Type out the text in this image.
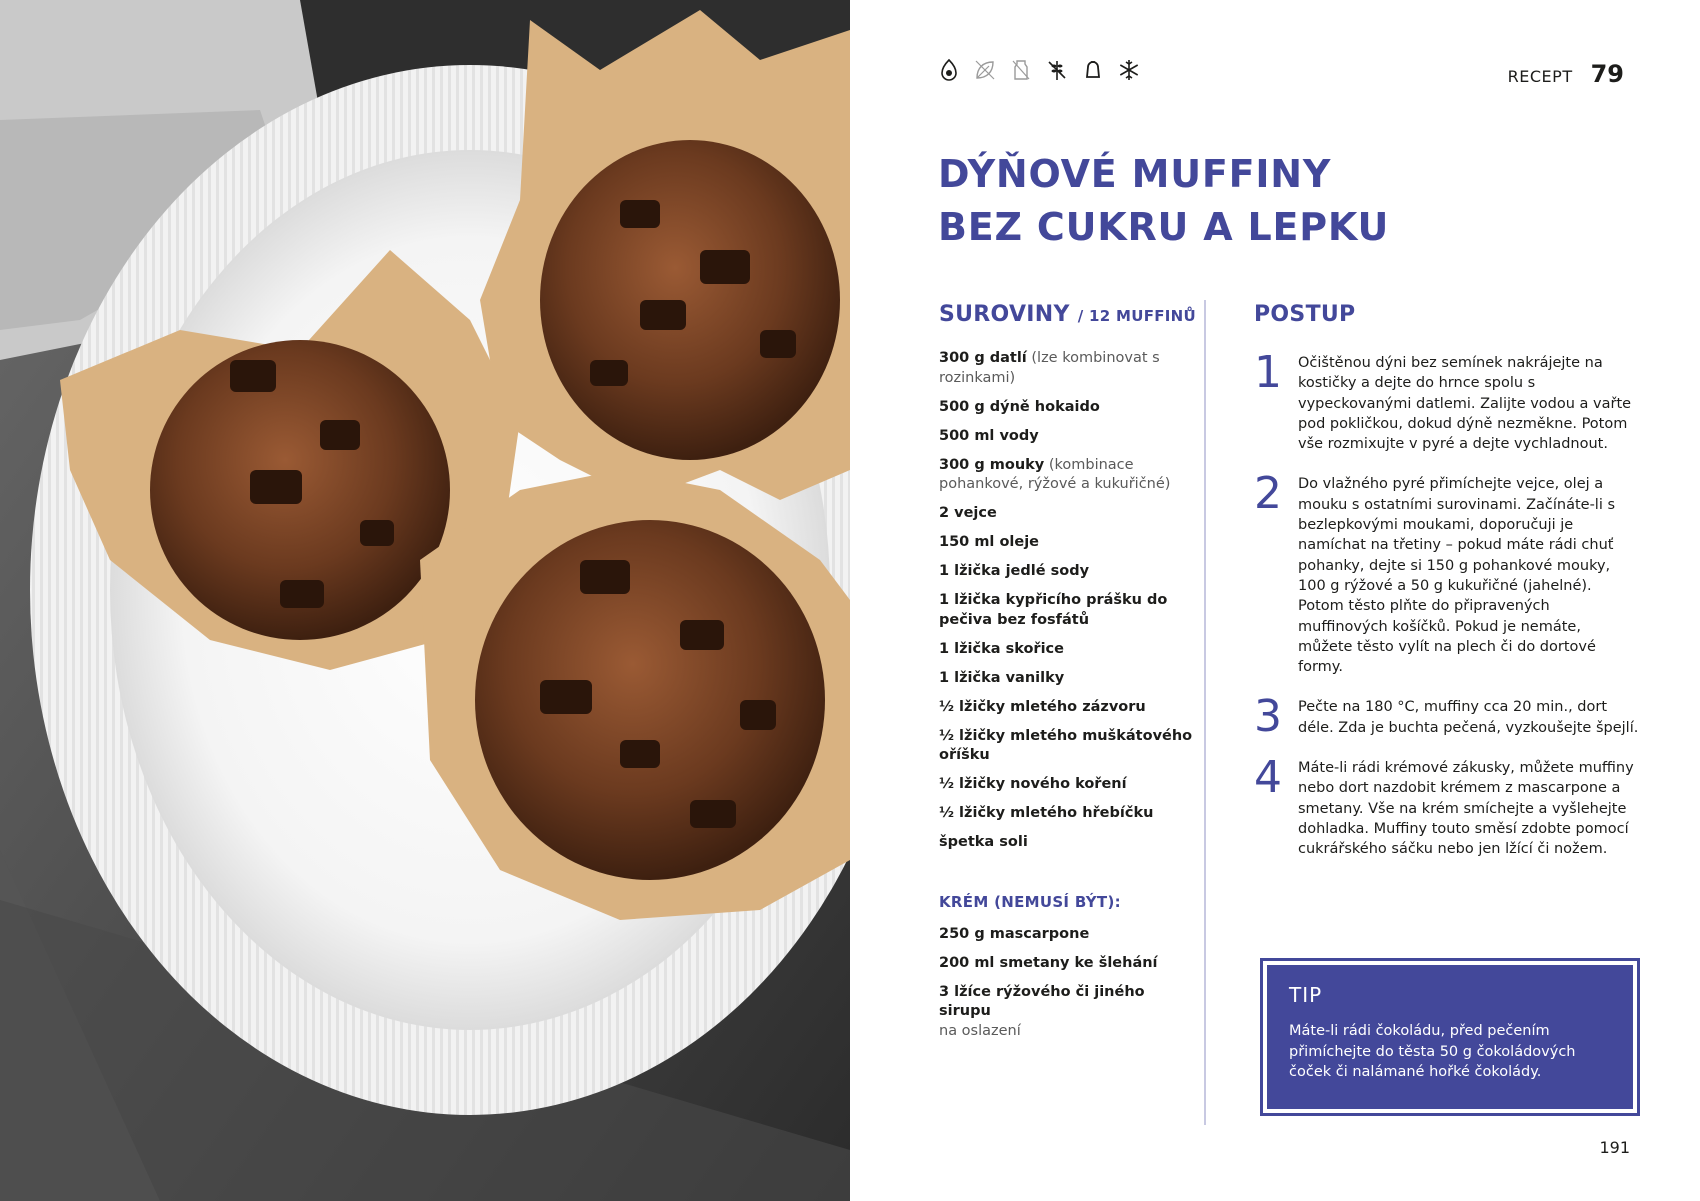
RECEPT 79
DÝŇOVÉ MUFFINY
BEZ CUKRU A LEPKU
SUROVINY / 12 MUFFINŮ
300 g datlí (lze kombinovat s rozinkami)
500 g dýně hokaido
500 ml vody
300 g mouky (kombinace pohankové, rýžové a kukuřičné)
2 vejce
150 ml oleje
1 lžička jedlé sody
1 lžička kypřicího prášku do pečiva bez fosfátů
1 lžička skořice
1 lžička vanilky
½ lžičky mletého zázvoru
½ lžičky mletého muškátového oříšku
½ lžičky nového koření
½ lžičky mletého hřebíčku
špetka soli
KRÉM (NEMUSÍ BÝT):
250 g mascarpone
200 ml smetany ke šlehání
3 lžíce rýžového či jiného sirupu
na oslazení
POSTUP
1 Očištěnou dýni bez semínek nakrájejte na kostičky a dejte do hrnce spolu s vypeckovanými datlemi. Zalijte vodou a vařte pod pokličkou, dokud dýně nezměkne. Potom vše rozmixujte v pyré a dejte vychladnout.
2 Do vlažného pyré přimíchejte vejce, olej a mouku s ostatními surovinami. Začínáte-li s bezlepkovými moukami, doporučuji je namíchat na třetiny – pokud máte rádi chuť pohanky, dejte si 150 g pohankové mouky, 100 g rýžové a 50 g kukuřičné (jahelné). Potom těsto plňte do připravených muffinových košíčků. Pokud je nemáte, můžete těsto vylít na plech či do dortové formy.
3 Pečte na 180 °C, muffiny cca 20 min., dort déle. Zda je buchta pečená, vyzkoušejte špejlí.
4 Máte-li rádi krémové zákusky, můžete muffiny nebo dort nazdobit krémem z mascarpone a smetany. Vše na krém smíchejte a vyšlehejte dohladka. Muffiny touto směsí zdobte pomocí cukrářského sáčku nebo jen lžící či nožem.
TIP
Máte-li rádi čokoládu, před pečením přimíchejte do těsta 50 g čokoládových čoček či nalámané hořké čokolády.
191
